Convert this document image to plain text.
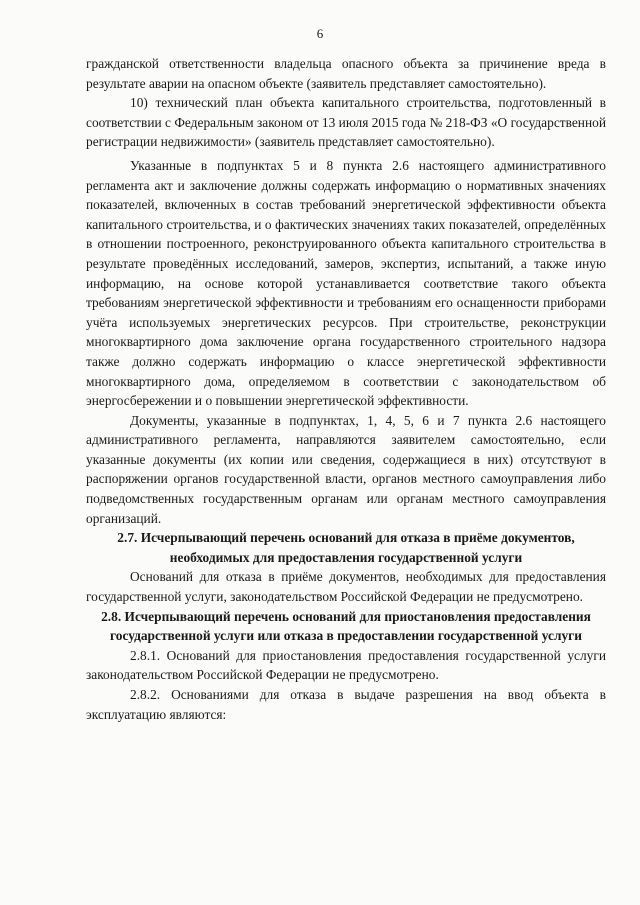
6

гражданской ответственности владельца опасного объекта за причинение вреда в результате аварии на опасном объекте (заявитель представляет самостоятельно).

10) технический план объекта капитального строительства, подготовленный в соответствии с Федеральным законом от 13 июля 2015 года № 218-ФЗ «О государственной регистрации недвижимости» (заявитель представляет самостоятельно).

Указанные в подпунктах 5 и 8 пункта 2.6 настоящего административного регламента акт и заключение должны содержать информацию о нормативных значениях показателей, включенных в состав требований энергетической эффективности объекта капитального строительства, и о фактических значениях таких показателей, определённых в отношении построенного, реконструированного объекта капитального строительства в результате проведённых исследований, замеров, экспертиз, испытаний, а также иную информацию, на основе которой устанавливается соответствие такого объекта требованиям энергетической эффективности и требованиям его оснащенности приборами учёта используемых энергетических ресурсов. При строительстве, реконструкции многоквартирного дома заключение органа государственного строительного надзора также должно содержать информацию о классе энергетической эффективности многоквартирного дома, определяемом в соответствии с законодательством об энергосбережении и о повышении энергетической эффективности.

Документы, указанные в подпунктах, 1, 4, 5, 6 и 7 пункта 2.6 настоящего административного регламента, направляются заявителем самостоятельно, если указанные документы (их копии или сведения, содержащиеся в них) отсутствуют в распоряжении органов государственной власти, органов местного самоуправления либо подведомственных государственным органам или органам местного самоуправления организаций.

2.7. Исчерпывающий перечень оснований для отказа в приёме документов, необходимых для предоставления государственной услуги

Оснований для отказа в приёме документов, необходимых для предоставления государственной услуги, законодательством Российской Федерации не предусмотрено.

2.8. Исчерпывающий перечень оснований для приостановления предоставления государственной услуги или отказа в предоставлении государственной услуги

2.8.1. Оснований для приостановления предоставления государственной услуги законодательством Российской Федерации не предусмотрено.

2.8.2. Основаниями для отказа в выдаче разрешения на ввод объекта в эксплуатацию являются:
